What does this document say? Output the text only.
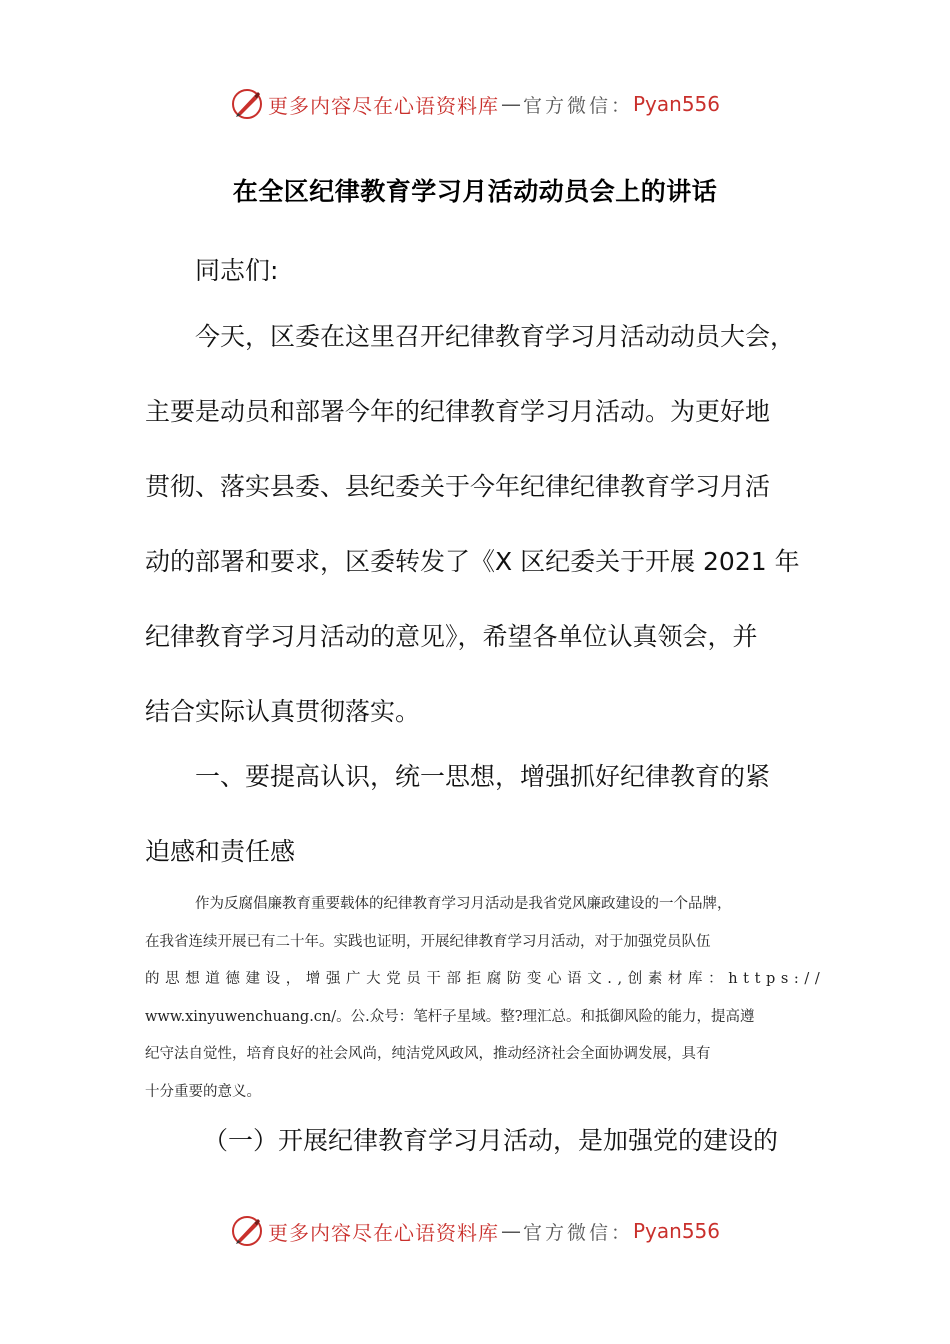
更多内容尽在心语资料库 — 官方微信： Pyan556
在全区纪律教育学习月活动动员会上的讲话

同志们:

今天，区委在这里召开纪律教育学习月活动动员大会，
主要是动员和部署今年的纪律教育学习月活动。为更好地
贯彻、落实县委、县纪委关于今年纪律纪律教育学习月活
动的部署和要求，区委转发了《X 区纪委关于开展 2021 年
纪律教育学习月活动的意见》，希望各单位认真领会，并
结合实际认真贯彻落实。
一、要提高认识，统一思想，增强抓好纪律教育的紧
迫感和责任感
作为反腐倡廉教育重要载体的纪律教育学习月活动是我省党风廉政建设的一个品牌，
在我省连续开展已有二十年。实践也证明，开展纪律教育学习月活动，对于加强党员队伍
的思想道德建设，增强广大党员干部拒腐防变心语文.,创素材库：https://
www.xinyuwenchuang.cn/。公.众号：笔杆子星域。整?理汇总。和抵御风险的能力，提高遵
纪守法自觉性，培育良好的社会风尚，纯洁党风政风，推动经济社会全面协调发展，具有
十分重要的意义。

（一）开展纪律教育学习月活动，是加强党的建设的

更多内容尽在心语资料库 — 官方微信： Pyan556
